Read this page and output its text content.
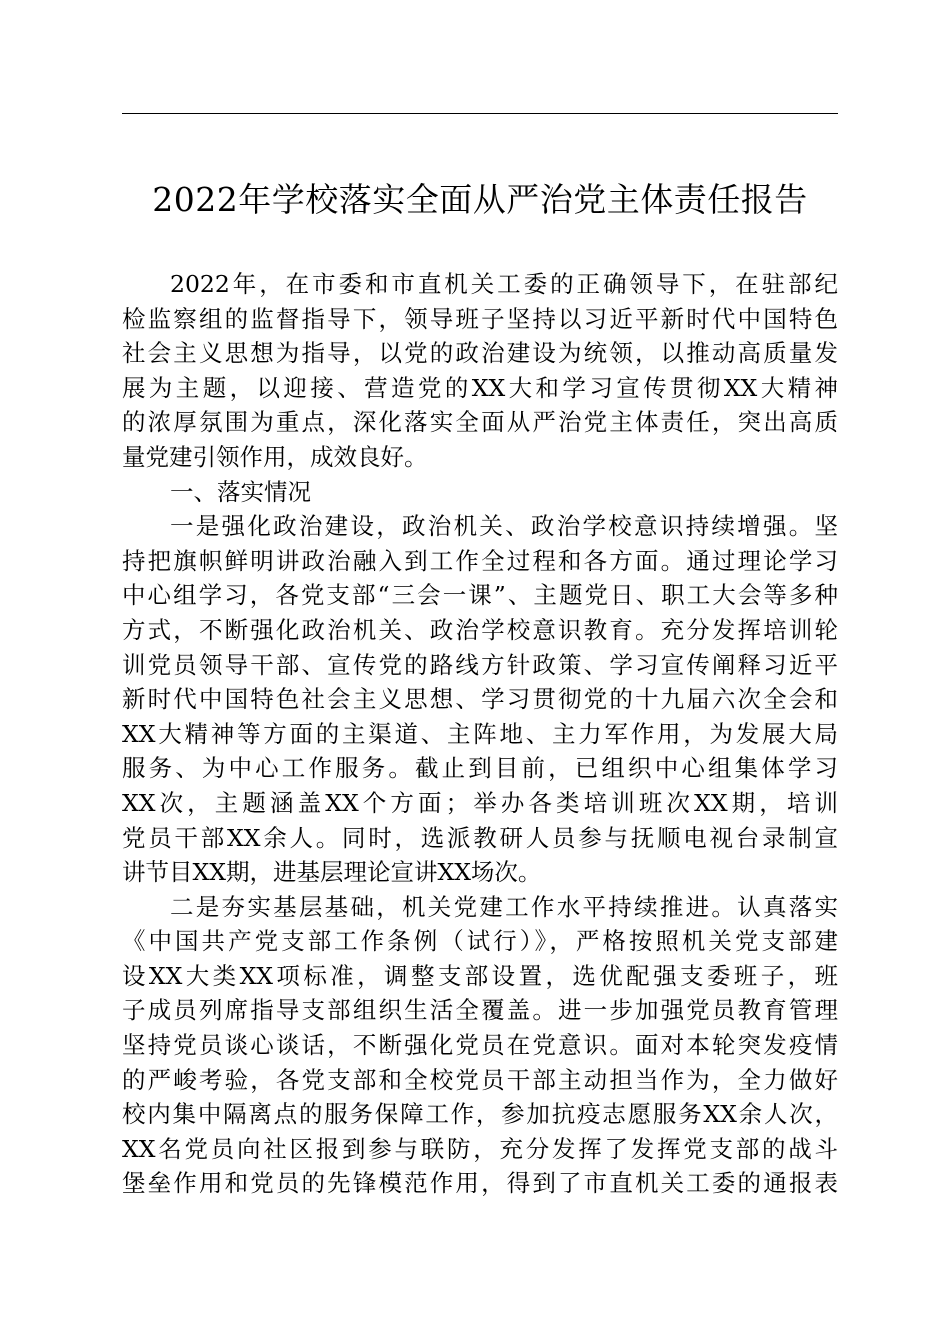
2022年学校落实全面从严治党主体责任报告
2022年，在市委和市直机关工委的正确领导下，在驻部纪
检监察组的监督指导下，领导班子坚持以习近平新时代中国特色
社会主义思想为指导，以党的政治建设为统领，以推动高质量发
展为主题，以迎接、营造党的XX大和学习宣传贯彻XX大精神
的浓厚氛围为重点，深化落实全面从严治党主体责任，突出高质
量党建引领作用，成效良好。
一、落实情况
一是强化政治建设，政治机关、政治学校意识持续增强。坚
持把旗帜鲜明讲政治融入到工作全过程和各方面。通过理论学习
中心组学习，各党支部“三会一课”、主题党日、职工大会等多种
方式，不断强化政治机关、政治学校意识教育。充分发挥培训轮
训党员领导干部、宣传党的路线方针政策、学习宣传阐释习近平
新时代中国特色社会主义思想、学习贯彻党的十九届六次全会和
XX大精神等方面的主渠道、主阵地、主力军作用，为发展大局
服务、为中心工作服务。截止到目前，已组织中心组集体学习
XX次，主题涵盖XX个方面；举办各类培训班次XX期，培训
党员干部XX余人。同时，选派教研人员参与抚顺电视台录制宣
讲节目XX期，进基层理论宣讲XX场次。
二是夯实基层基础，机关党建工作水平持续推进。认真落实
《中国共产党支部工作条例（试行）》，严格按照机关党支部建
设XX大类XX项标准，调整支部设置，选优配强支委班子，班
子成员列席指导支部组织生活全覆盖。进一步加强党员教育管理
坚持党员谈心谈话，不断强化党员在党意识。面对本轮突发疫情
的严峻考验，各党支部和全校党员干部主动担当作为，全力做好
校内集中隔离点的服务保障工作，参加抗疫志愿服务XX余人次，
XX名党员向社区报到参与联防，充分发挥了发挥党支部的战斗
堡垒作用和党员的先锋模范作用，得到了市直机关工委的通报表
